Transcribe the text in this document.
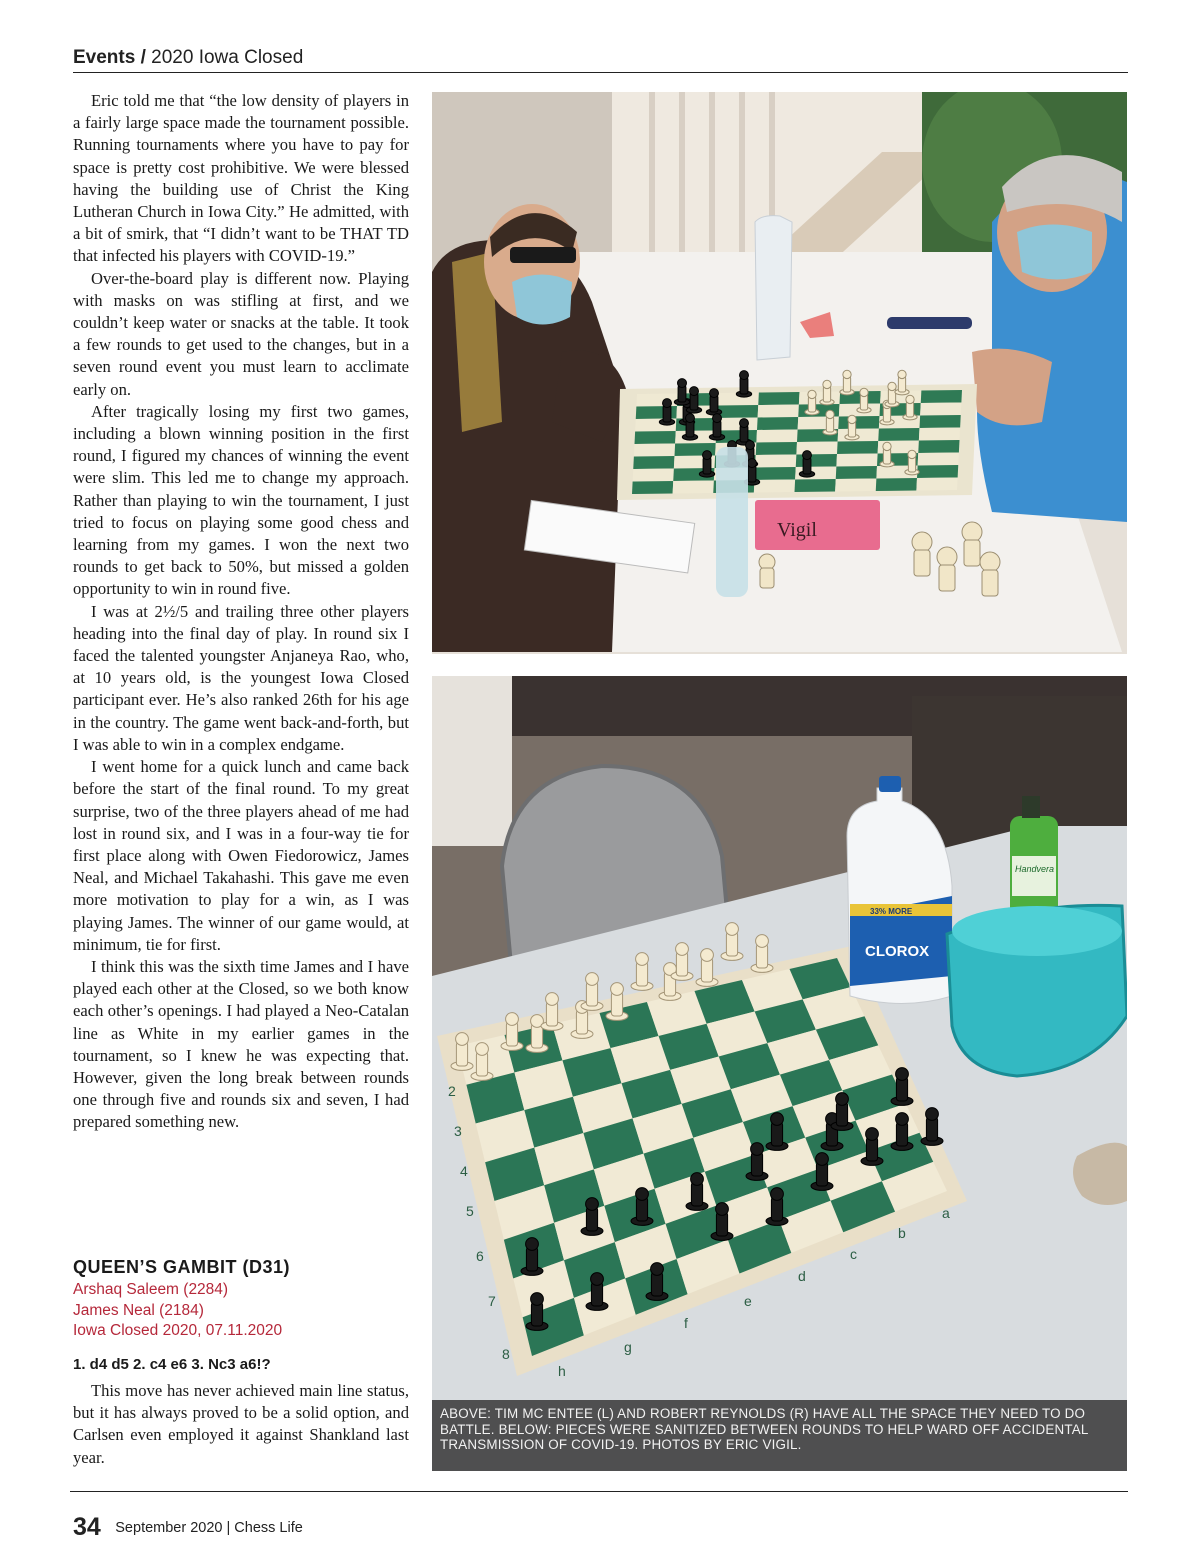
Events / 2020 Iowa Closed

Eric told me that “the low density of players in a fairly large space made the tournament possible. Running tournaments where you have to pay for space is pretty cost prohibitive. We were blessed having the building use of Christ the King Lutheran Church in Iowa City.” He admitted, with a bit of smirk, that “I didn’t want to be THAT TD that infected his players with COVID-19.”

Over-the-board play is different now. Playing with masks on was stifling at first, and we couldn’t keep water or snacks at the table. It took a few rounds to get used to the changes, but in a seven round event you must learn to acclimate early on.

After tragically losing my first two games, including a blown winning position in the first round, I figured my chances of winning the event were slim. This led me to change my approach. Rather than playing to win the tournament, I just tried to focus on playing some good chess and learning from my games. I won the next two rounds to get back to 50%, but missed a golden opportunity to win in round five.

I was at 2½/5 and trailing three other players heading into the final day of play. In round six I faced the talented youngster Anjaneya Rao, who, at 10 years old, is the youngest Iowa Closed participant ever. He’s also ranked 26th for his age in the country. The game went back-and-forth, but I was able to win in a complex endgame.

I went home for a quick lunch and came back before the start of the final round. To my great surprise, two of the three players ahead of me had lost in round six, and I was in a four-way tie for first place along with Owen Fiedorowicz, James Neal, and Michael Takahashi. This gave me even more motivation to play for a win, as I was playing James. The winner of our game would, at minimum, tie for first.

I think this was the sixth time James and I have played each other at the Closed, so we both know each other’s openings. I had played a Neo-Catalan line as White in my earlier games in the tournament, so I knew he was expecting that. However, given the long break between rounds one through five and rounds six and seven, I had prepared something new.

QUEEN’S GAMBIT (D31)
Arshaq Saleem (2284)
James Neal (2184)
Iowa Closed 2020, 07.11.2020
1. d4 d5 2. c4 e6 3. Nc3 a6!?

This move has never achieved main line status, but it has always proved to be a solid option, and Carlsen even employed it against Shankland last year.

Vigil
2
3
4
5
6
7
8
h
g
f
e
d
c
b
a
33% MORE
CLOROX
Handvera
ABOVE: TIM MC ENTEE (L) AND ROBERT REYNOLDS (R) HAVE ALL THE SPACE THEY NEED TO DO BATTLE. BELOW: PIECES WERE SANITIZED BETWEEN ROUNDS TO HELP WARD OFF ACCIDENTAL TRANSMISSION OF COVID-19. PHOTOS BY ERIC VIGIL.
34 September 2020 | Chess Life
